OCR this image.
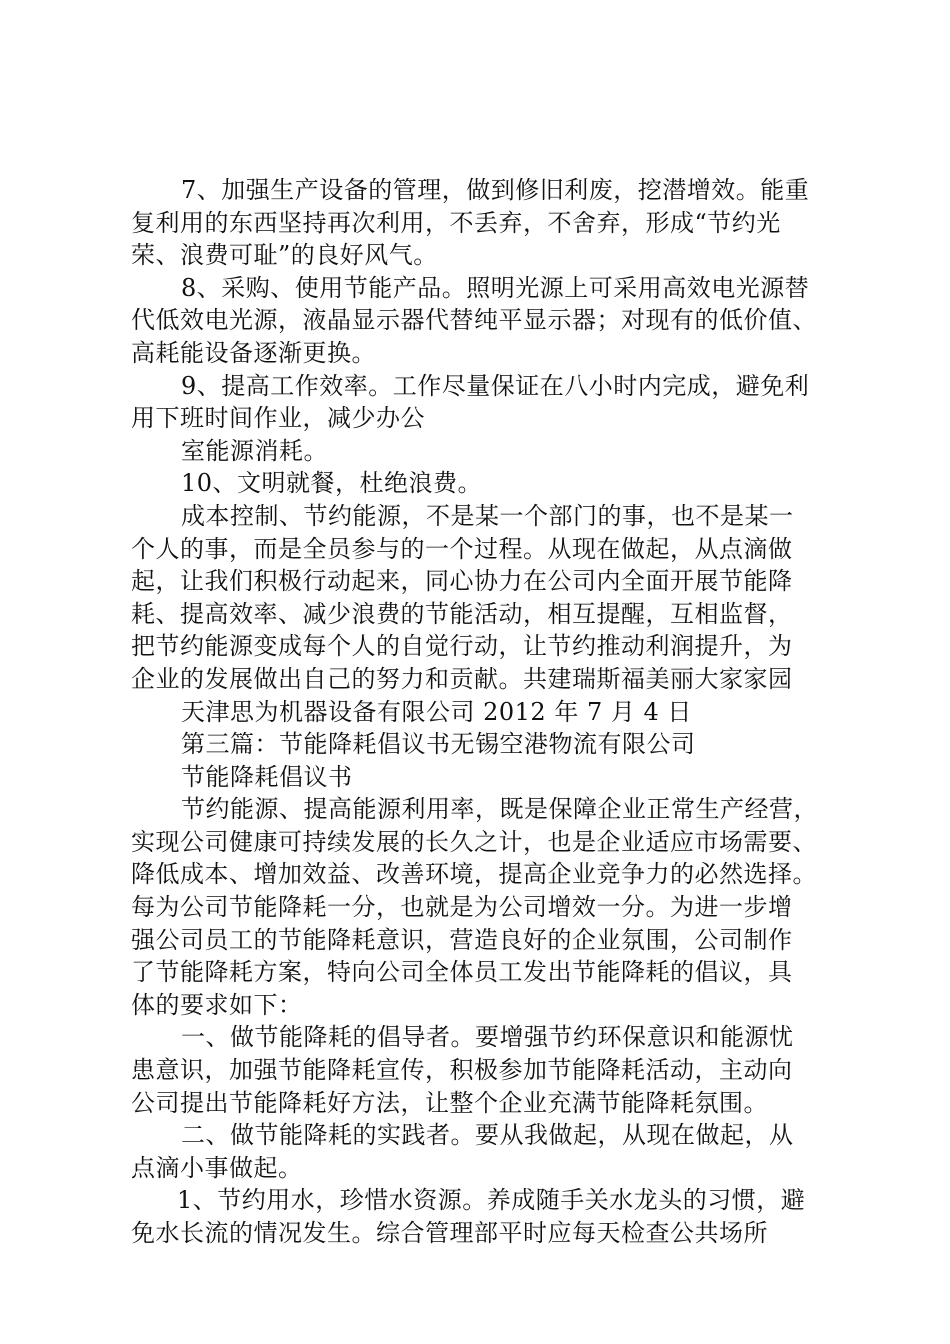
7、加强生产设备的管理，做到修旧利废，挖潜增效。能重
复利用的东西坚持再次利用，不丢弃，不舍弃，形成“节约光
荣、浪费可耻”的良好风气。
8、采购、使用节能产品。照明光源上可采用高效电光源替
代低效电光源，液晶显示器代替纯平显示器；对现有的低价值、
高耗能设备逐渐更换。
9、提高工作效率。工作尽量保证在八小时内完成，避免利
用下班时间作业，减少办公
室能源消耗。
10、文明就餐，杜绝浪费。
成本控制、节约能源，不是某一个部门的事，也不是某一
个人的事，而是全员参与的一个过程。从现在做起，从点滴做
起，让我们积极行动起来，同心协力在公司内全面开展节能降
耗、提高效率、减少浪费的节能活动，相互提醒，互相监督，
把节约能源变成每个人的自觉行动，让节约推动利润提升，为
企业的发展做出自己的努力和贡献。共建瑞斯福美丽大家家园
天津思为机器设备有限公司 2012 年 7 月 4 日
第三篇：节能降耗倡议书无锡空港物流有限公司
节能降耗倡议书
节约能源、提高能源利用率，既是保障企业正常生产经营，
实现公司健康可持续发展的长久之计，也是企业适应市场需要、
降低成本、增加效益、改善环境，提高企业竞争力的必然选择。
每为公司节能降耗一分，也就是为公司增效一分。为进一步增
强公司员工的节能降耗意识，营造良好的企业氛围，公司制作
了节能降耗方案，特向公司全体员工发出节能降耗的倡议，具
体的要求如下：
一、做节能降耗的倡导者。要增强节约环保意识和能源忧
患意识，加强节能降耗宣传，积极参加节能降耗活动，主动向
公司提出节能降耗好方法，让整个企业充满节能降耗氛围。
二、做节能降耗的实践者。要从我做起，从现在做起，从
点滴小事做起。
1、节约用水，珍惜水资源。养成随手关水龙头的习惯，避
免水长流的情况发生。综合管理部平时应每天检查公共场所
